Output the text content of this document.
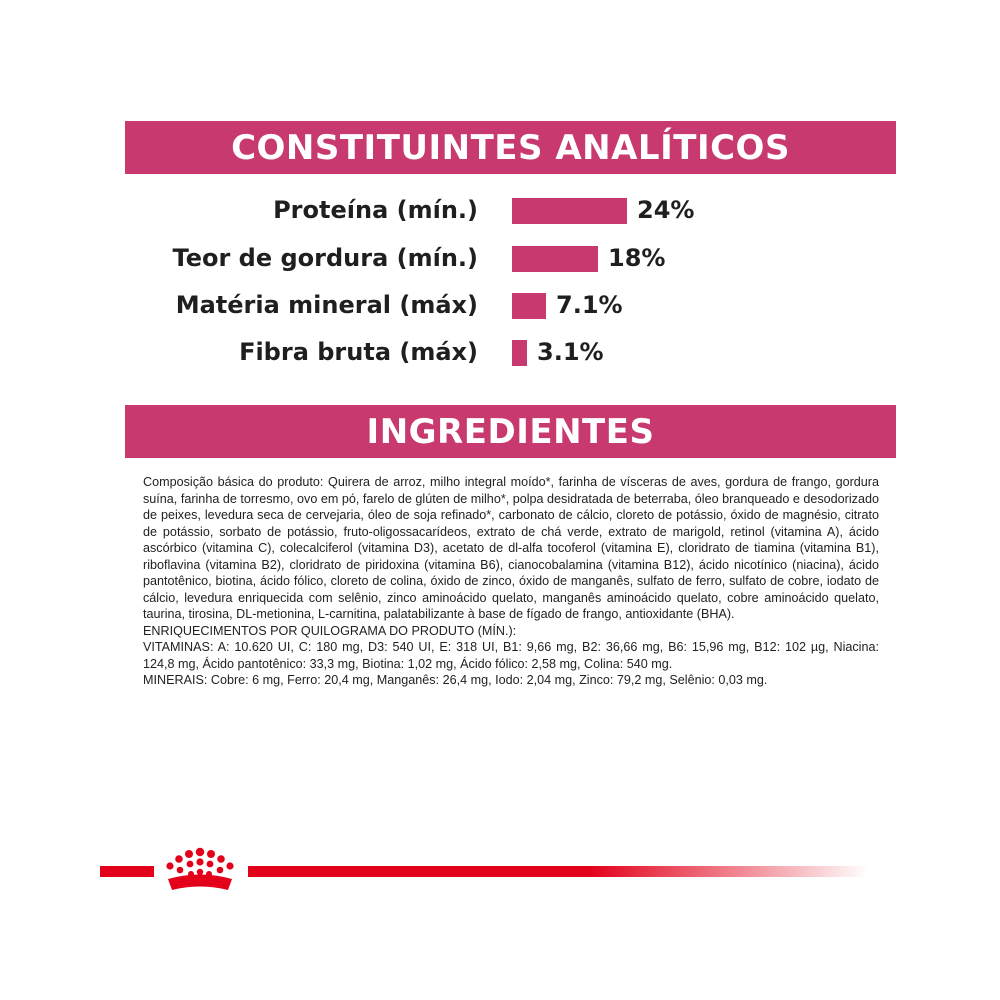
CONSTITUINTES ANALÍTICOS
Proteína (mín.)	24%
Teor de gordura (mín.)	18%
Matéria mineral (máx)	7.1%
Fibra bruta (máx) 3.1%
INGREDIENTES

Composição básica do produto: Quirera de arroz, milho integral moído*, farinha de vísceras de aves, gordura de frango, gordura suína, farinha de torresmo, ovo em pó, farelo de glúten de milho*, polpa desidratada de beterraba, óleo branqueado e desodorizado de peixes, levedura seca de cervejaria, óleo de soja refinado*, carbonato de cálcio, cloreto de potássio, óxido de magnésio, citrato de potássio, sorbato de potássio, fruto-oligossacarídeos, extrato de chá verde, extrato de marigold, retinol (vitamina A), ácido ascórbico (vitamina C), colecalciferol (vitamina D3), acetato de dl-alfa tocoferol (vitamina E), cloridrato de tiamina (vitamina B1), riboflavina (vitamina B2), cloridrato de piridoxina (vitamina B6), cianocobalamina (vitamina B12), ácido nicotínico (niacina), ácido pantotênico, biotina, ácido fólico, cloreto de colina, óxido de zinco, óxido de manganês, sulfato de ferro, sulfato de cobre, iodato de cálcio, levedura enriquecida com selênio, zinco aminoácido quelato, manganês aminoácido quelato, cobre aminoácido quelato, taurina, tirosina, DL-metionina, L-carnitina, palatabilizante à base de fígado de frango, antioxidante (BHA).

ENRIQUECIMENTOS POR QUILOGRAMA DO PRODUTO (MÍN.):

VITAMINAS: A: 10.620 UI, C: 180 mg, D3: 540 UI, E: 318 UI, B1: 9,66 mg, B2: 36,66 mg, B6: 15,96 mg, B12: 102 µg, Niacina: 124,8 mg, Ácido pantotênico: 33,3 mg, Biotina: 1,02 mg, Ácido fólico: 2,58 mg, Colina: 540 mg.

MINERAIS: Cobre: 6 mg, Ferro: 20,4 mg, Manganês: 26,4 mg, Iodo: 2,04 mg, Zinco: 79,2 mg, Selênio: 0,03 mg.
